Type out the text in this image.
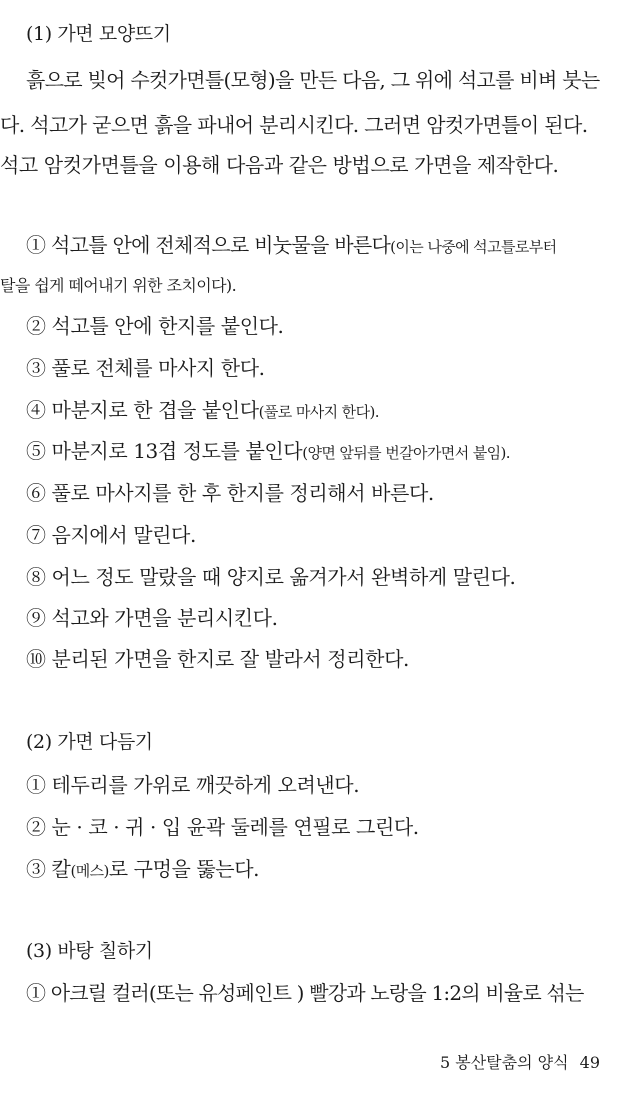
(1) 가면 모양뜨기
흙으로 빚어 수컷가면틀(모형)을 만든 다음, 그 위에 석고를 비벼 붓는
다. 석고가 굳으면 흙을 파내어 분리시킨다. 그러면 암컷가면틀이 된다.
석고 암컷가면틀을 이용해 다음과 같은 방법으로 가면을 제작한다.
① 석고틀 안에 전체적으로 비눗물을 바른다(이는 나중에 석고틀로부터
탈을 쉽게 떼어내기 위한 조치이다).
② 석고틀 안에 한지를 붙인다.
③ 풀로 전체를 마사지 한다.
④ 마분지로 한 겹을 붙인다(풀로 마사지 한다).
⑤ 마분지로 13겹 정도를 붙인다(양면 앞뒤를 번갈아가면서 붙임).
⑥ 풀로 마사지를 한 후 한지를 정리해서 바른다.
⑦ 음지에서 말린다.
⑧ 어느 정도 말랐을 때 양지로 옮겨가서 완벽하게 말린다.
⑨ 석고와 가면을 분리시킨다.
⑩ 분리된 가면을 한지로 잘 발라서 정리한다.
(2) 가면 다듬기
① 테두리를 가위로 깨끗하게 오려낸다.
② 눈 · 코 · 귀 · 입 윤곽 둘레를 연필로 그린다.
③ 칼(메스)로 구멍을 뚫는다.
(3) 바탕 칠하기
① 아크릴 컬러(또는 유성페인트 ) 빨강과 노랑을 1:2의 비율로 섞는
5 봉산탈춤의 양식 49
